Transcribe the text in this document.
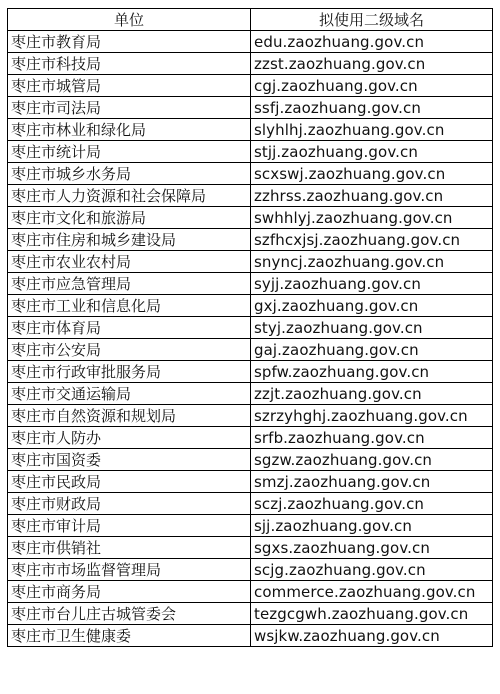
单位	拟使用二级域名
枣庄市教育局	edu.zaozhuang.gov.cn
枣庄市科技局	zzst.zaozhuang.gov.cn
枣庄市城管局	cgj.zaozhuang.gov.cn
枣庄市司法局	ssfj.zaozhuang.gov.cn
枣庄市林业和绿化局	slyhlhj.zaozhuang.gov.cn
枣庄市统计局	stjj.zaozhuang.gov.cn
枣庄市城乡水务局	scxswj.zaozhuang.gov.cn
枣庄市人力资源和社会保障局	zzhrss.zaozhuang.gov.cn
枣庄市文化和旅游局	swhhlyj.zaozhuang.gov.cn
枣庄市住房和城乡建设局	szfhcxjsj.zaozhuang.gov.cn
枣庄市农业农村局	snyncj.zaozhuang.gov.cn
枣庄市应急管理局	syjj.zaozhuang.gov.cn
枣庄市工业和信息化局	gxj.zaozhuang.gov.cn
枣庄市体育局	styj.zaozhuang.gov.cn
枣庄市公安局	gaj.zaozhuang.gov.cn
枣庄市行政审批服务局	spfw.zaozhuang.gov.cn
枣庄市交通运输局	zzjt.zaozhuang.gov.cn
枣庄市自然资源和规划局	szrzyhghj.zaozhuang.gov.cn
枣庄市人防办	srfb.zaozhuang.gov.cn
枣庄市国资委	sgzw.zaozhuang.gov.cn
枣庄市民政局	smzj.zaozhuang.gov.cn
枣庄市财政局	sczj.zaozhuang.gov.cn
枣庄市审计局	sjj.zaozhuang.gov.cn
枣庄市供销社	sgxs.zaozhuang.gov.cn
枣庄市市场监督管理局	scjg.zaozhuang.gov.cn
枣庄市商务局	commerce.zaozhuang.gov.cn
枣庄市台儿庄古城管委会	tezgcgwh.zaozhuang.gov.cn
枣庄市卫生健康委	wsjkw.zaozhuang.gov.cn
